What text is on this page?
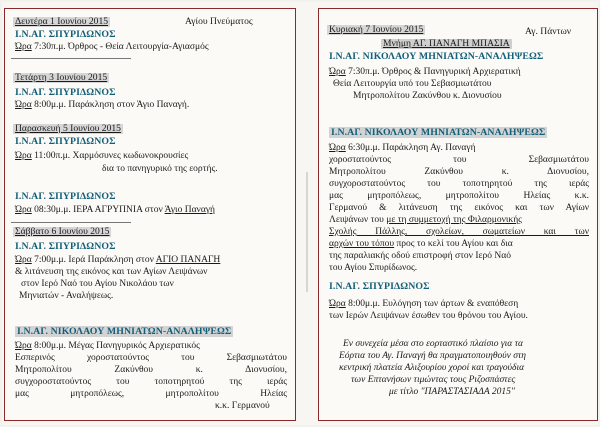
Δευτέρα 1 Ιουνίου 2015	Αγίου Πνεύματος
Ι.Ν.ΑΓ. ΣΠΥΡΙΔΩΝΟΣ
Ώρα 7:30π.μ. Όρθρος - Θεία Λειτουργία-Αγιασμός
Τετάρτη 3 Ιουνίου 2015
Ι.Ν.ΑΓ. ΣΠΥΡΙΔΩΝΟΣ
Ώρα 8:00μ.μ. Παράκληση στον Άγιο Παναγή.
Παρασκευή 5 Ιουνίου 2015
Ι.Ν.ΑΓ. ΣΠΥΡΙΔΩΝΟΣ
Ώρα 11:00π.μ. Χαρμόσυνες κωδωνοκρουσίες
δια το πανηγυρικό της εορτής.
Ι.Ν.ΑΓ. ΣΠΥΡΙΔΩΝΟΣ
Ώρα 08:30μ.μ. ΙΕΡΑ ΑΓΡΥΠΝΙΑ στον Άγιο Παναγή
Σάββατο 6 Ιουνίου 2015
Ι.Ν.ΑΓ. ΣΠΥΡΙΔΩΝΟΣ
Ώρα 7:00μ.μ. Ιερά Παράκληση στον ΑΓΙΟ ΠΑΝΑΓΗ
& λιτάνευση της εικόνος και των Αγίων Λειψάνων
στον Ιερό Ναό του Αγίου Νικολάου των
Μηνιατών - Αναλήψεως.
Ι.Ν.ΑΓ. ΝΙΚΟΛΑΟΥ ΜΗΝΙΑΤΩΝ-ΑΝΑΛΗΨΕΩΣ
Ώρα 8:00μ.μ. Μέγας Πανηγυρικός Αρχιερατικός
Εσπερινός χοροστατούντος του Σεβασμιωτάτου
Μητροπολίτου Ζακύνθου κ. Διονυσίου,
συγχοροστατούντος του τοποτηρητού της ιεράς
μας μητροπόλεως, μητροπολίτου Ηλείας
κ.κ. Γερμανού
Κυριακή 7 Ιουνίου 2015	Αγ. Πάντων
Μνήμη ΑΓ. ΠΑΝΑΓΗ ΜΠΑΣΙΑ
Ι.Ν.ΑΓ. ΝΙΚΟΛΑΟΥ ΜΗΝΙΑΤΩΝ-ΑΝΑΛΗΨΕΩΣ
Ώρα 7:30π.μ. Όρθρος & Πανηγυρική Αρχιερατική
Θεία Λειτουργία υπό του Σεβασμιωτάτου
Μητροπολίτου Ζακύνθου κ. Διονυσίου
Ι.Ν.ΑΓ. ΝΙΚΟΛΑΟΥ ΜΗΝΙΑΤΩΝ-ΑΝΑΛΗΨΕΩΣ
Ώρα 6:30μ.μ. Παράκληση Αγ. Παναγή
χοροστατούντος του Σεβασμιωτάτου
Μητροπολίτου Ζακύνθου κ. Διονυσίου,
συγχοροστατούντος του τοποτηρητού της ιεράς
μας μητροπόλεως, μητροπολίτου Ηλείας κ.κ.
Γερμανού & λιτάνευση της εικόνος και των Αγίων
Λειψάνων του με τη συμμετοχή της Φιλαρμονικής
Σχολής Πάλλης, σχολείων, σωματείων και των
αρχών του τόπου προς το κελί του Αγίου και δια
της παραλιακής οδού επιστροφή στον Ιερό Ναό
του Αγίου Σπυρίδωνος.
Ι.Ν.ΑΓ. ΣΠΥΡΙΔΩΝΟΣ
Ώρα 8:00μ.μ. Ευλόγηση των άρτων & εναπόθεση
των Ιερών Λειψάνων έσωθεν του θρόνου του Αγίου.
Εν συνεχεία μέσα στο εορταστικό πλαίσιο για τα
Εόρτια του Αγ. Παναγή θα πραγματοποιηθούν στη
κεντρική πλατεία Αλιξουρίου χοροί και τραγούδια
των Επτανήσων τιμώντας τους Ριζοσπάστες
με τίτλο "ΠΑΡΑΣΤΑΣΙΑΔΑ 2015"
